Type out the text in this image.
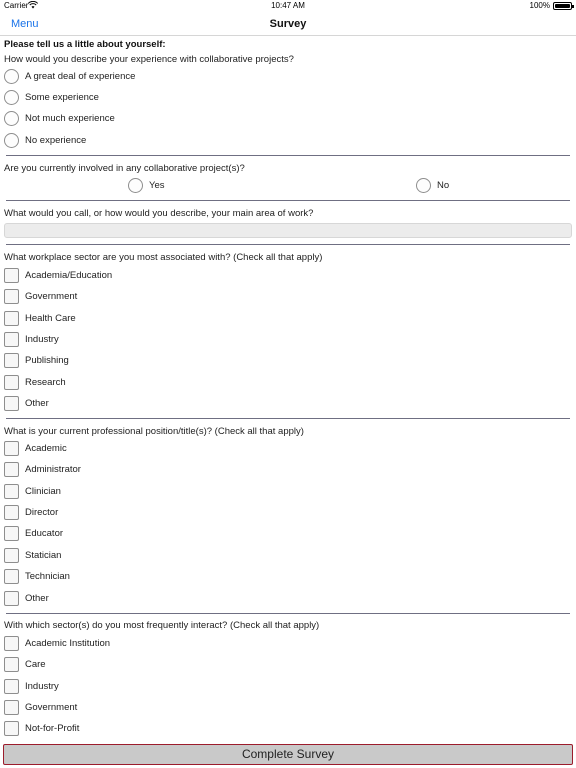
Carrier	10:47 AM	100%
Menu	Survey
Please tell us a little about yourself:
How would you describe your experience with collaborative projects?
A great deal of experience
Some experience
Not much experience
No experience
Are you currently involved in any collaborative project(s)?
Yes	No
What would you call, or how would you describe, your main area of work?
What workplace sector are you most associated with? (Check all that apply)
Academia/Education
Government
Health Care
Industry
Publishing
Research
Other
What is your current professional position/title(s)? (Check all that apply)
Academic
Administrator
Clinician
Director
Educator
Statician
Technician
Other
With which sector(s) do you most frequently interact? (Check all that apply)
Academic Institution
Care
Industry
Government
Not-for-Profit
Complete Survey
